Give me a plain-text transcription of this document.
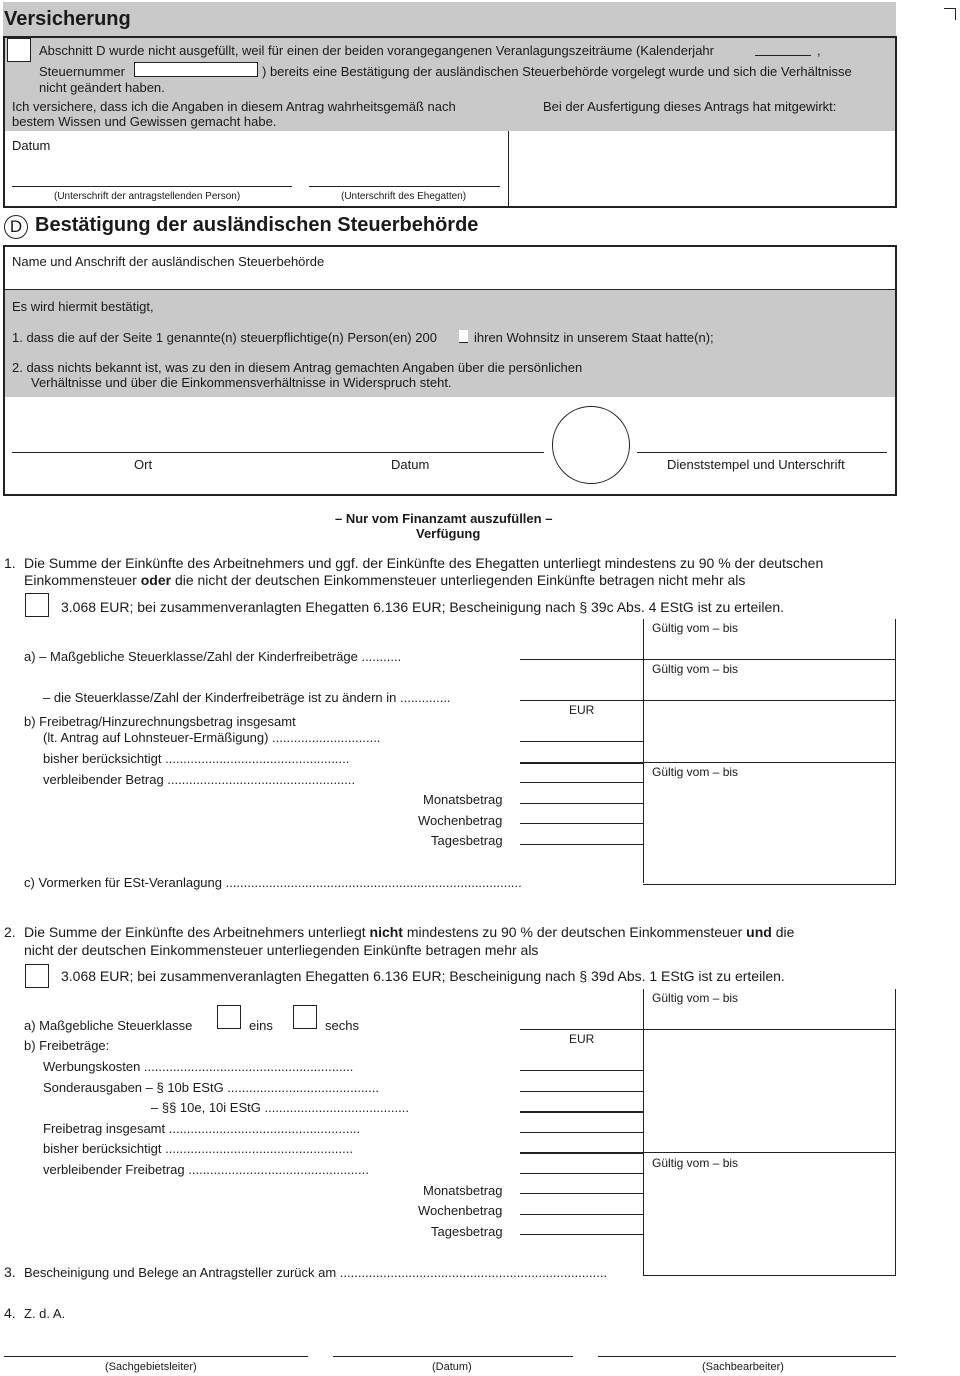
Versicherung
Abschnitt D wurde nicht ausgefüllt, weil für einen der beiden vorangegangenen Veranlagungszeiträume (Kalenderjahr	,
Steuernummer	) bereits eine Bestätigung der ausländischen Steuerbehörde vorgelegt wurde und sich die Verhältnisse
nicht geändert haben.
Ich versichere, dass ich die Angaben in diesem Antrag wahrheitsgemäß nach
bestem Wissen und Gewissen gemacht habe.
Bei der Ausfertigung dieses Antrags hat mitgewirkt:
Datum
(Unterschrift der antragstellenden Person)	(Unterschrift des Ehegatten)
D Bestätigung der ausländischen Steuerbehörde
Name und Anschrift der ausländischen Steuerbehörde
Es wird hiermit bestätigt,
1. dass die auf der Seite 1 genannte(n) steuerpflichtige(n) Person(en) 200	ihren Wohnsitz in unserem Staat hatte(n);
2. dass nichts bekannt ist, was zu den in diesem Antrag gemachten Angaben über die persönlichen
Verhältnisse und über die Einkommensverhältnisse in Widerspruch steht.
Ort	Datum	Dienststempel und Unterschrift
– Nur vom Finanzamt auszufüllen –
Verfügung
1. Die Summe der Einkünfte des Arbeitnehmers und ggf. der Einkünfte des Ehegatten unterliegt mindestens zu 90 % der deutschen
Einkommensteuer oder die nicht der deutschen Einkommensteuer unterliegenden Einkünfte betragen nicht mehr als
3.068 EUR; bei zusammenveranlagten Ehegatten 6.136 EUR; Bescheinigung nach § 39c Abs. 4 EStG ist zu erteilen.
Gültig vom – bis
Gültig vom – bis
EUR
Gültig vom – bis
a) – Maßgebliche Steuerklasse/Zahl der Kinderfreibeträge ...........
– die Steuerklasse/Zahl der Kinderfreibeträge ist zu ändern in ..............
b) Freibetrag/Hinzurechnungsbetrag insgesamt
(lt. Antrag auf Lohnsteuer-Ermäßigung) ..............................
bisher berücksichtigt ...................................................
verbleibender Betrag ....................................................
Monatsbetrag
Wochenbetrag
Tagesbetrag
c) Vormerken für ESt-Veranlagung ..................................................................................
2. Die Summe der Einkünfte des Arbeitnehmers unterliegt nicht mindestens zu 90 % der deutschen Einkommensteuer und die
nicht der deutschen Einkommensteuer unterliegenden Einkünfte betragen mehr als
3.068 EUR; bei zusammenveranlagten Ehegatten 6.136 EUR; Bescheinigung nach § 39d Abs. 1 EStG ist zu erteilen.
Gültig vom – bis
EUR
a) Maßgebliche Steuerklasse	eins	sechs
b) Freibeträge:
Gültig vom – bis
Werbungskosten ..........................................................
Sonderausgaben – § 10b EStG ..........................................
– §§ 10e, 10i EStG ........................................
Freibetrag insgesamt .....................................................
bisher berücksichtigt ....................................................
verbleibender Freibetrag ..................................................
Monatsbetrag
Wochenbetrag
Tagesbetrag
3. Bescheinigung und Belege an Antragsteller zurück am ..........................................................................
4. Z. d. A.
(Sachgebietsleiter)	(Datum)	(Sachbearbeiter)
